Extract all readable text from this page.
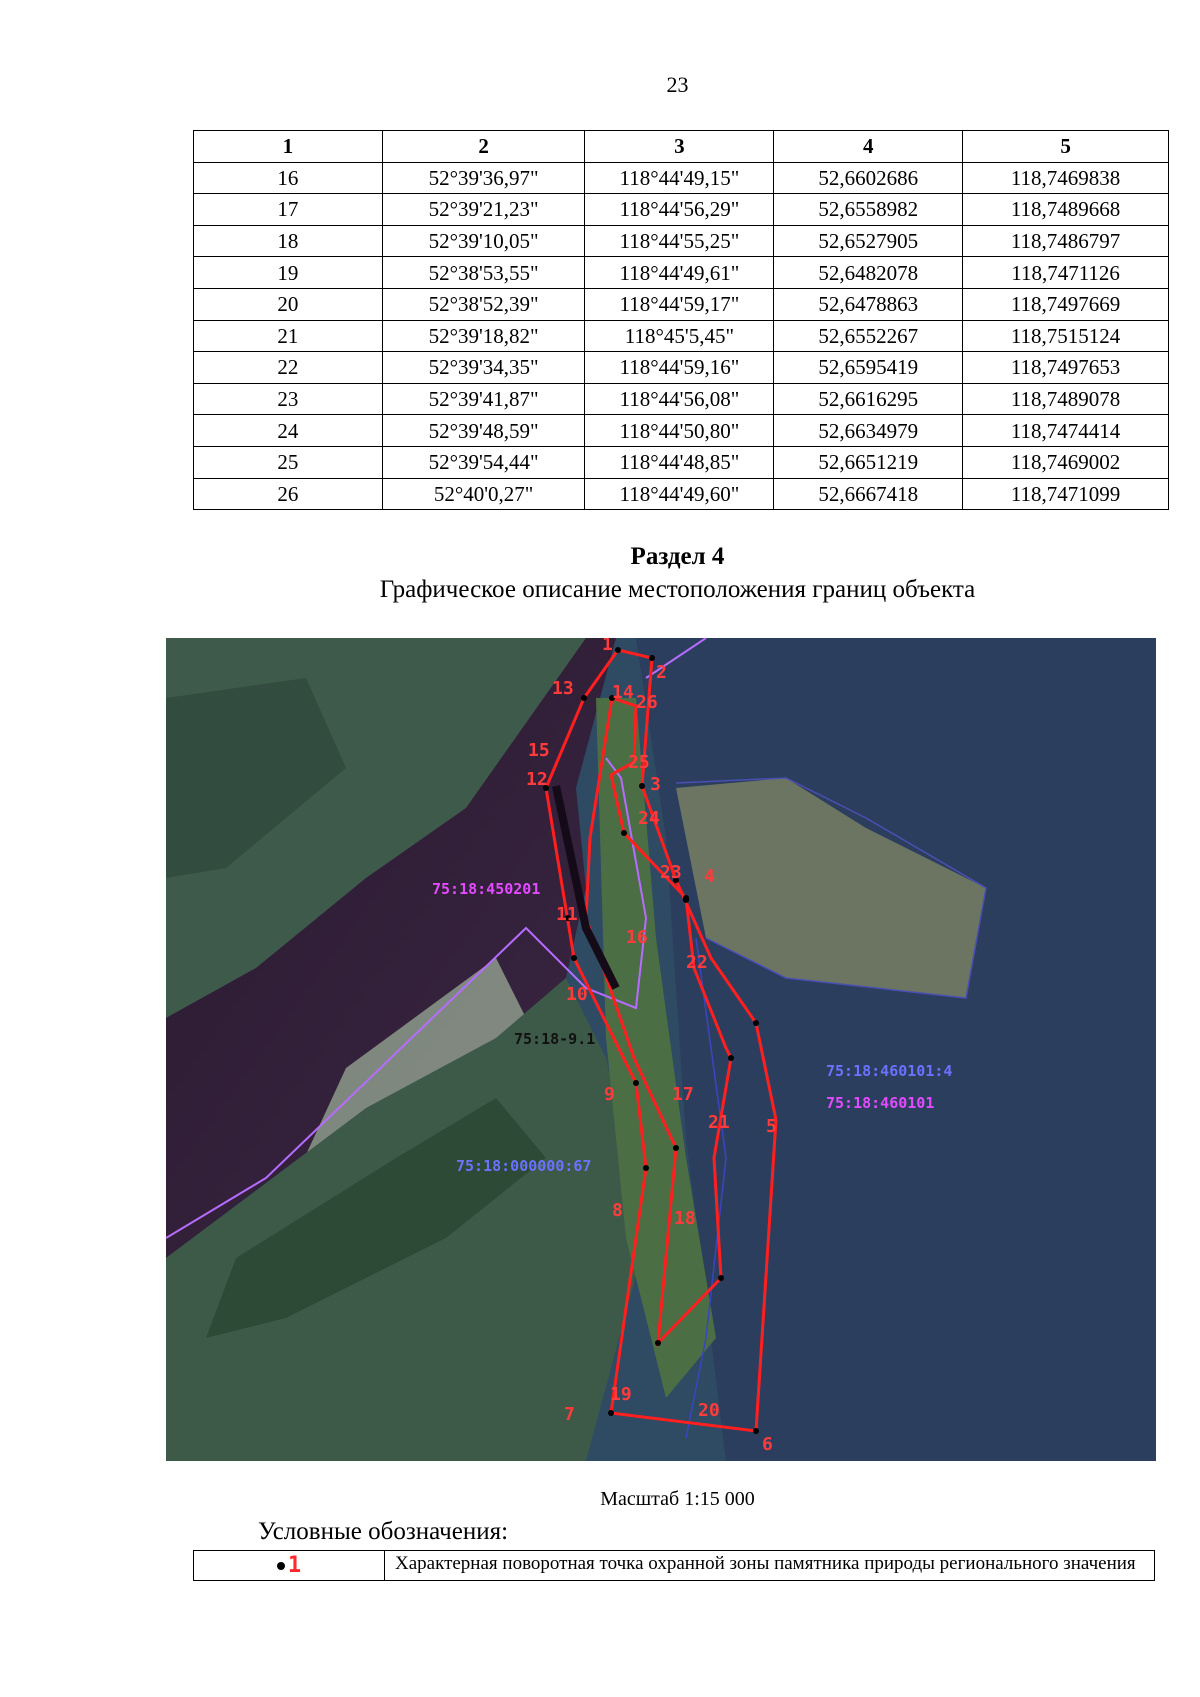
23
1	2	3	4	5
16	52°39'36,97"	118°44'49,15"	52,6602686	118,7469838
17	52°39'21,23"	118°44'56,29"	52,6558982	118,7489668
18	52°39'10,05"	118°44'55,25"	52,6527905	118,7486797
19	52°38'53,55"	118°44'49,61"	52,6482078	118,7471126
20	52°38'52,39"	118°44'59,17"	52,6478863	118,7497669
21	52°39'18,82"	118°45'5,45"	52,6552267	118,7515124
22	52°39'34,35"	118°44'59,16"	52,6595419	118,7497653
23	52°39'41,87"	118°44'56,08"	52,6616295	118,7489078
24	52°39'48,59"	118°44'50,80"	52,6634979	118,7474414
25	52°39'54,44"	118°44'48,85"	52,6651219	118,7469002
26	52°40'0,27"	118°44'49,60"	52,6667418	118,7471099
Раздел 4
Графическое описание местоположения границ объекта
1
2
13 14 26
15
25
12	3
24
23 4
11
16
22
10
9	17
21 5
8	18
19
20
7
6
75:18:450201
75:18-9.1
75:18:460101:4
75:18:460101
75:18:000000:67
Масштаб 1:15 000
Условные обозначения:
1	Характерная поворотная точка охранной зоны памятника природы регионального значения
